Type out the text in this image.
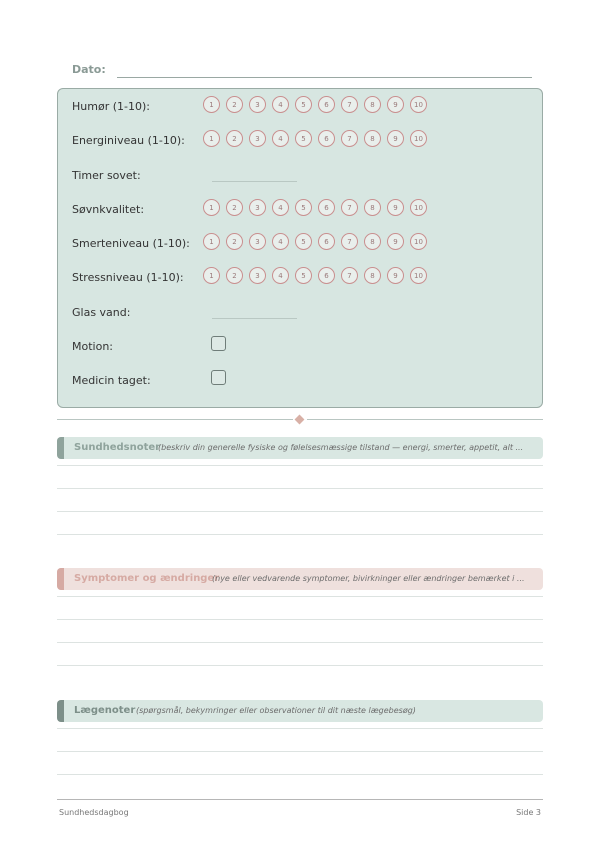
Dato:
Humør (1-10):	1	2	3	4	5	6	7	8	9	10
Energiniveau (1-10):	1	2	3	4	5	6	7	8	9	10
Timer sovet:
Søvnkvalitet:	1	2	3	4	5	6	7	8	9	10
Smerteniveau (1-10):	1	2	3	4	5	6	7	8	9	10
Stressniveau (1-10):	1	2	3	4	5	6	7	8	9	10
Glas vand:
Motion:
Medicin taget:
Sundhedsnoter
(beskriv din generelle fysiske og følelsesmæssige tilstand — energi, smerter, appetit, alt ...
Symptomer og ændringer
(nye eller vedvarende symptomer, bivirkninger eller ændringer bemærket i ...
Lægenoter (spørgsmål, bekymringer eller observationer til dit næste lægebesøg)
Sundhedsdagbog	Side 3
